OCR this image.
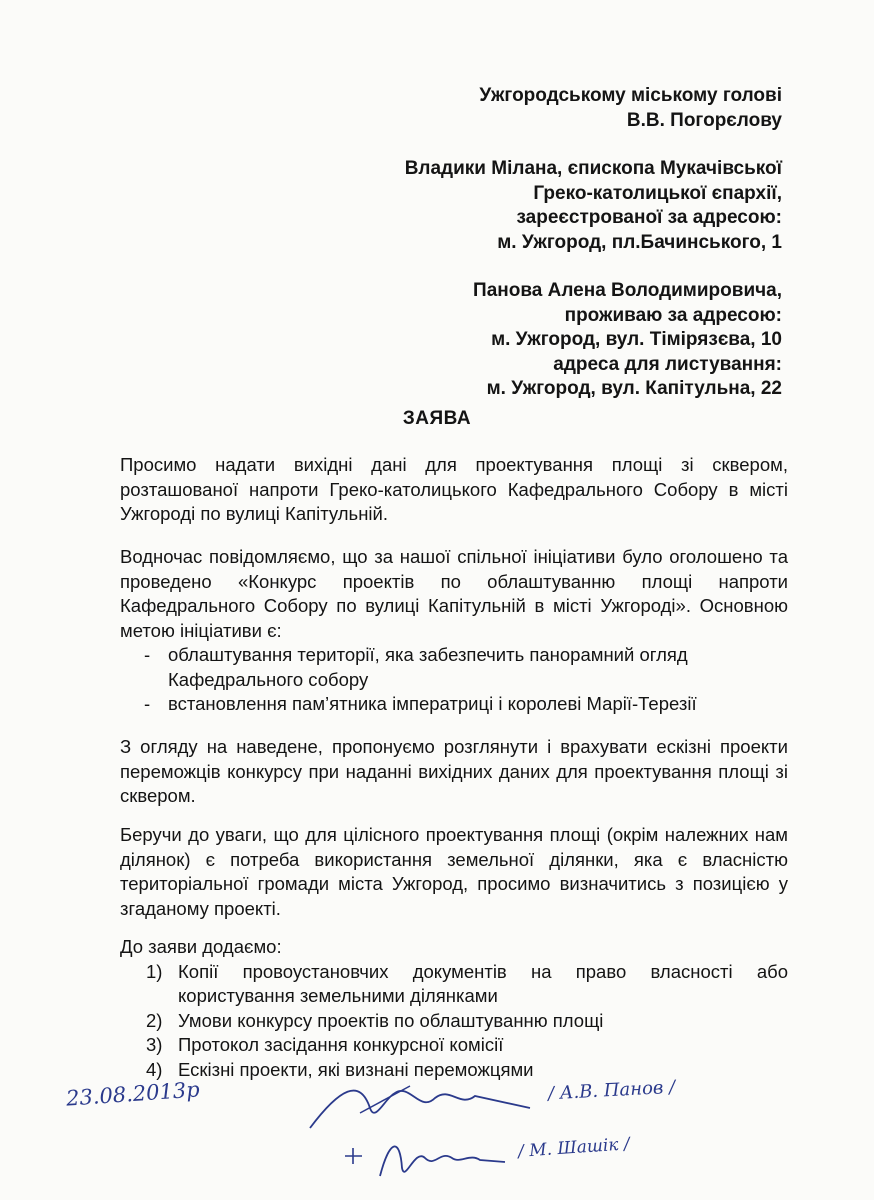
Ужгородському міському голові
В.В. Погорєлову
Владики Мілана, єпископа Мукачівської
Греко-католицької єпархії,
зареєстрованої за адресою:
м. Ужгород, пл.Бачинського, 1
Панова Алена Володимировича,
проживаю за адресою:
м. Ужгород, вул. Тімірязєва, 10
адреса для листування:
м. Ужгород, вул. Капітульна, 22
ЗАЯВА

Просимо надати вихідні дані для проектування площі зі сквером, розташованої напроти Греко-католицького Кафедрального Собору в місті Ужгороді по вулиці Капітульній.

Водночас повідомляємо, що за нашої спільної ініціативи було оголошено та проведено «Конкурс проектів по облаштуванню площі напроти Кафедрального Собору по вулиці Капітульній в місті Ужгороді». Основною метою ініціативи є:

- облаштування території, яка забезпечить панорамний огляд Кафедрального собору
- встановлення пам’ятника імператриці і королеві Марії-Терезії

З огляду на наведене, пропонуємо розглянути і врахувати ескізні проекти переможців конкурсу при наданні вихідних даних для проектування площі зі сквером.

Беручи до уваги, що для цілісного проектування площі (окрім належних нам ділянок) є потреба використання земельної ділянки, яка є власністю територіальної громади міста Ужгород, просимо визначитись з позицією у згаданому проекті.

До заяви додаємо:

1) Копії провоустановчих документів на право власності або користування земельними ділянками
2) Умови конкурсу проектів по облаштуванню площі
3) Протокол засідання конкурсної комісії
4) Ескізні проекти, які визнані переможцями
23.08.2013р	/ А.В. Панов /
/ М. Шашік /
